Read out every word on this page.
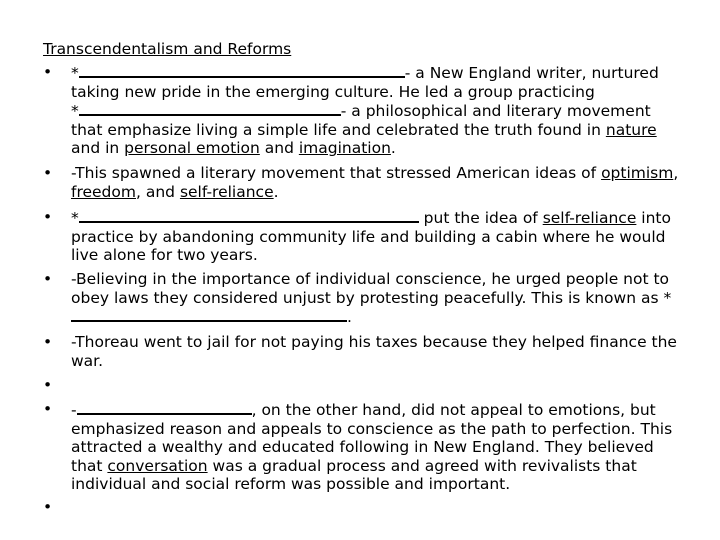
Transcendentalism and Reforms
•	*	- a New England writer, nurtured taking new pride in the emerging culture. He led a group practicing
*	- a philosophical and literary movement that emphasize living a simple life and celebrated the truth found in nature and in personal emotion and imagination.
•	-This spawned a literary movement that stressed American ideas of optimism, freedom, and self-reliance.
•	*	put the idea of self-reliance into practice by abandoning community life and building a cabin where he would live alone for two years.
•	-Believing in the importance of individual conscience, he urged people not to obey laws they considered unjust by protesting peacefully. This is known as *.
•	-Thoreau went to jail for not paying his taxes because they helped finance the war.
•
•	-	, on the other hand, did not appeal to emotions, but emphasized reason and appeals to conscience as the path to perfection. This attracted a wealthy and educated following in New England. They believed that conversation was a gradual process and agreed with revivalists that individual and social reform was possible and important.
•
